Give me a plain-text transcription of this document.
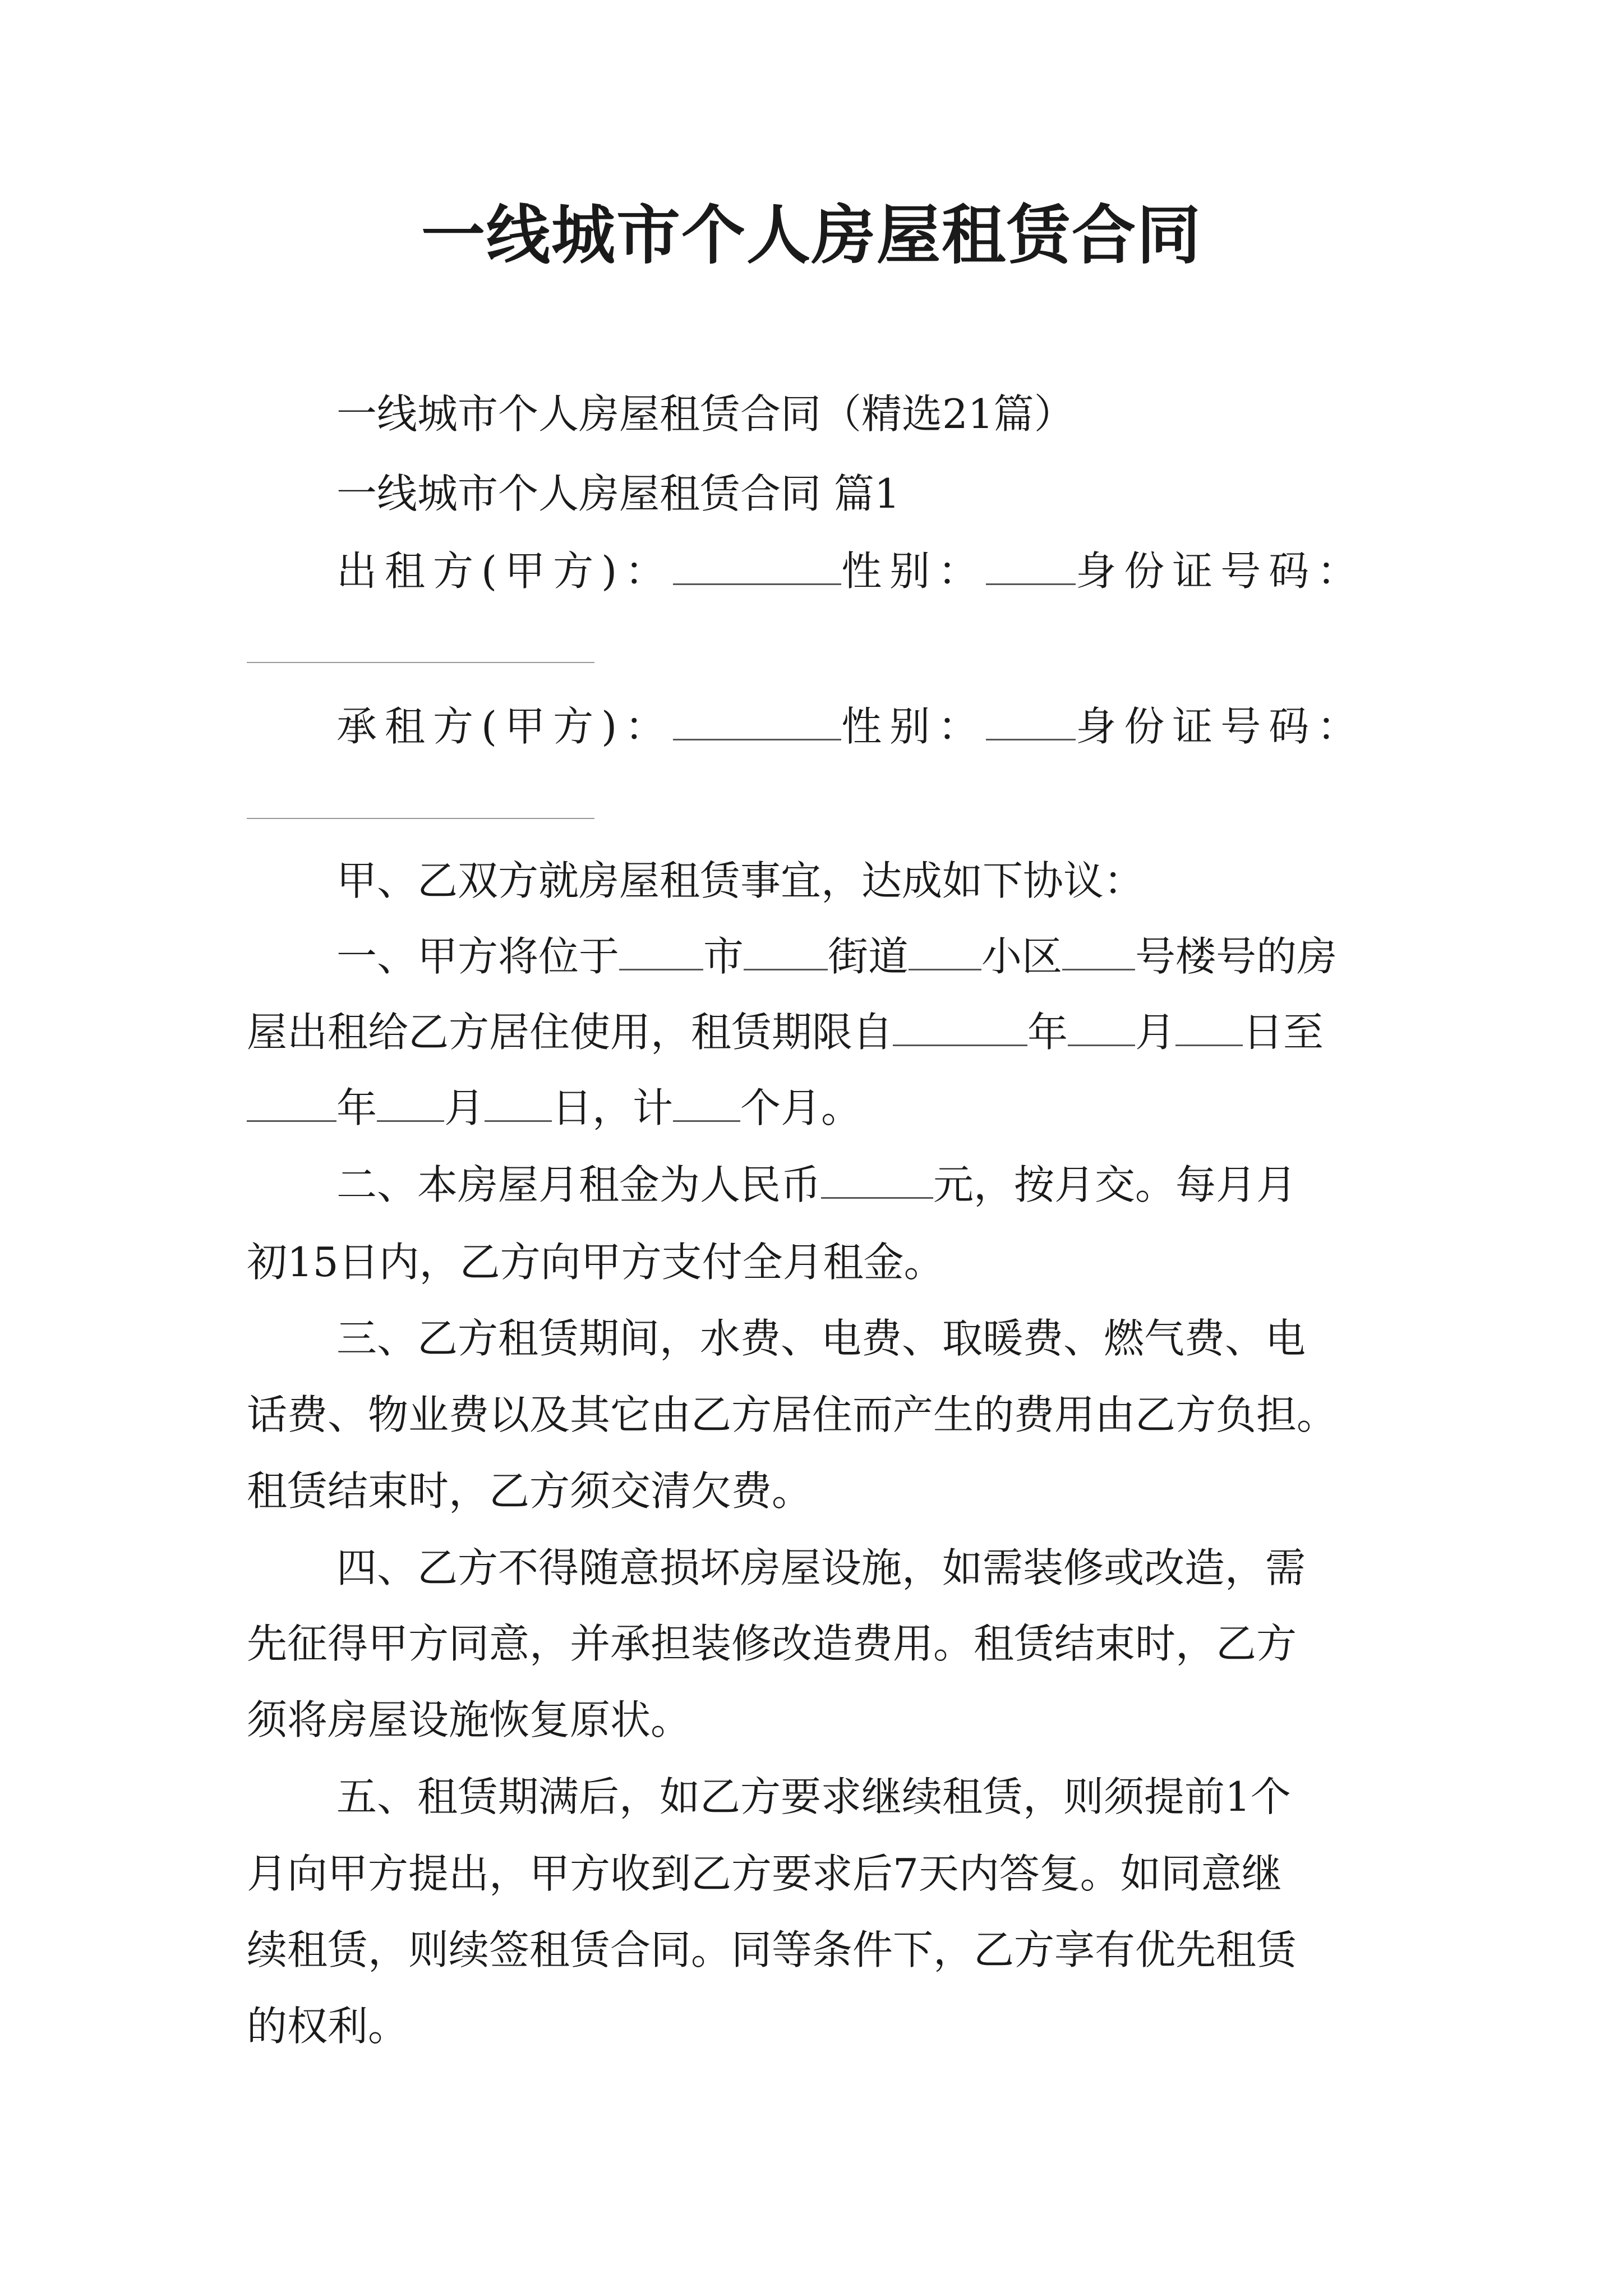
一线城市个人房屋租赁合同
一线城市个人房屋租赁合同（精选21篇）
一线城市个人房屋租赁合同 篇1
出租方(甲方)：	性别： 身份证号码：
承租方(甲方)：	性别： 身份证号码：
甲、乙双方就房屋租赁事宜，达成如下协议：
一、甲方将位于 市 街道 小区 号楼号的房
屋出租给乙方居住使用，租赁期限自	年 月 日至
年 月 日，计 个月。
二、本房屋月租金为人民币	元，按月交。每月月
初15日内，乙方向甲方支付全月租金。
三、乙方租赁期间，水费、电费、取暖费、燃气费、电
话费、物业费以及其它由乙方居住而产生的费用由乙方负担。
租赁结束时，乙方须交清欠费。
四、乙方不得随意损坏房屋设施，如需装修或改造，需
先征得甲方同意，并承担装修改造费用。租赁结束时，乙方
须将房屋设施恢复原状。
五、租赁期满后，如乙方要求继续租赁，则须提前1个
月向甲方提出，甲方收到乙方要求后7天内答复。如同意继
续租赁，则续签租赁合同。同等条件下，乙方享有优先租赁
的权利。
